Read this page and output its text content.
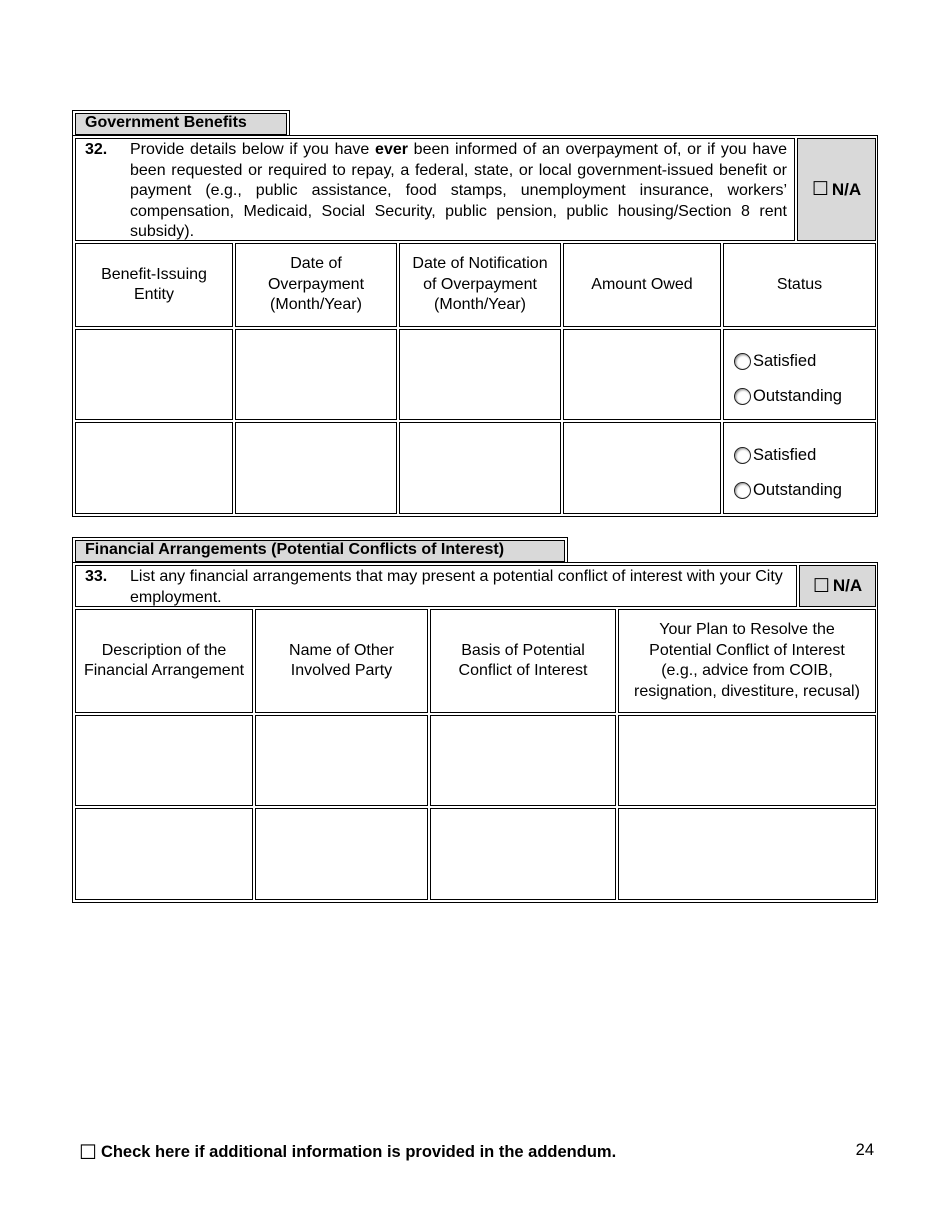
Government Benefits
32. Provide details below if you have ever been informed of an overpayment of, or if you have been requested or required to repay, a federal, state, or local government-issued benefit or payment (e.g., public assistance, food stamps, unemployment insurance, workers’ compensation, Medicaid, Social Security, public pension, public housing/Section 8 rent subsidy).
☐ N/A
Benefit-Issuing Entity
Date of Overpayment (Month/Year)
Date of Notification of Overpayment (Month/Year)
Amount Owed	Status
Satisfied
Outstanding
Satisfied
Outstanding
Financial Arrangements (Potential Conflicts of Interest)
33. List any financial arrangements that may present a potential conflict of interest with your City employment.
☐ N/A
Description of the Financial Arrangement
Name of Other Involved Party
Basis of Potential Conflict of Interest
Your Plan to Resolve the Potential Conflict of Interest (e.g., advice from COIB, resignation, divestiture, recusal)
☐ Check here if additional information is provided in the addendum.	24
